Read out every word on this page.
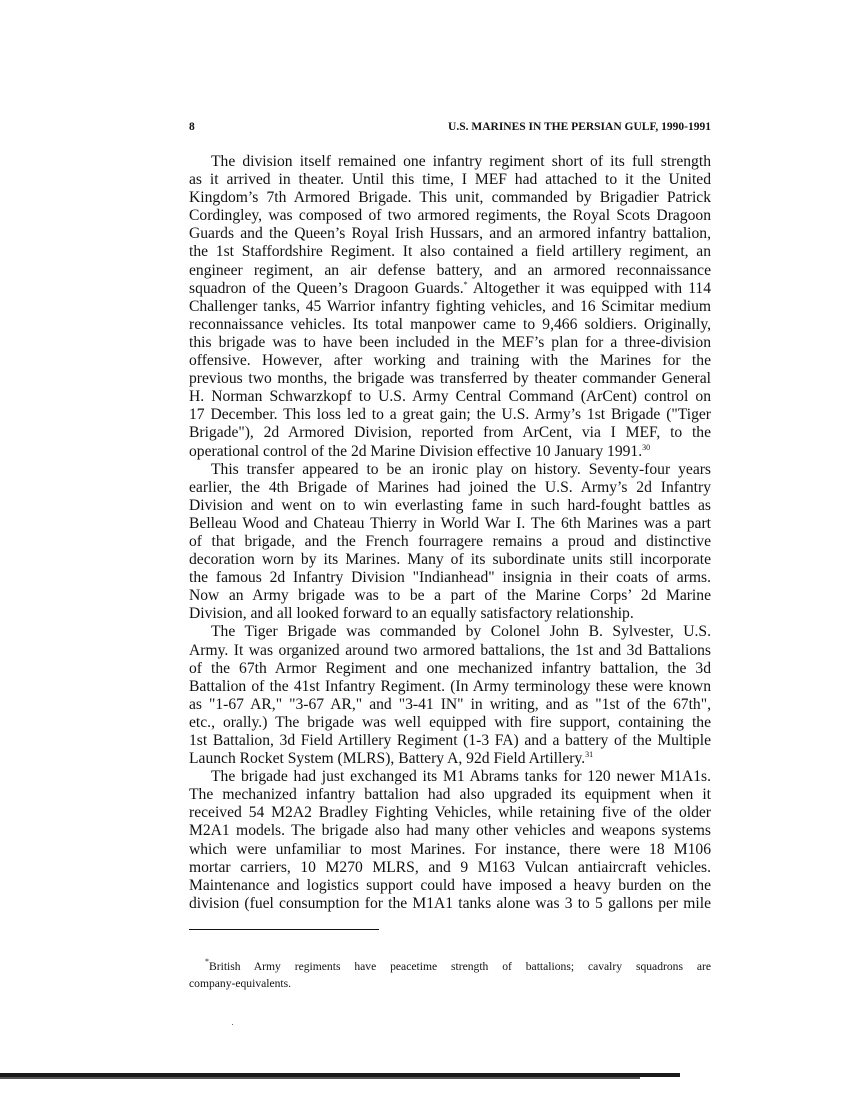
8	U.S. MARINES IN THE PERSIAN GULF, 1990-1991
The division itself remained one infantry regiment short of its full strength
as it arrived in theater. Until this time, I MEF had attached to it the United
Kingdom’s 7th Armored Brigade. This unit, commanded by Brigadier Patrick
Cordingley, was composed of two armored regiments, the Royal Scots Dragoon
Guards and the Queen’s Royal Irish Hussars, and an armored infantry battalion,
the 1st Staffordshire Regiment. It also contained a field artillery regiment, an
engineer regiment, an air defense battery, and an armored reconnaissance
squadron of the Queen’s Dragoon Guards.* Altogether it was equipped with 114
Challenger tanks, 45 Warrior infantry fighting vehicles, and 16 Scimitar medium
reconnaissance vehicles. Its total manpower came to 9,466 soldiers. Originally,
this brigade was to have been included in the MEF’s plan for a three-division
offensive. However, after working and training with the Marines for the
previous two months, the brigade was transferred by theater commander General
H. Norman Schwarzkopf to U.S. Army Central Command (ArCent) control on
17 December. This loss led to a great gain; the U.S. Army’s 1st Brigade ("Tiger
Brigade"), 2d Armored Division, reported from ArCent, via I MEF, to the
operational control of the 2d Marine Division effective 10 January 1991.30
This transfer appeared to be an ironic play on history. Seventy-four years
earlier, the 4th Brigade of Marines had joined the U.S. Army’s 2d Infantry
Division and went on to win everlasting fame in such hard-fought battles as
Belleau Wood and Chateau Thierry in World War I. The 6th Marines was a part
of that brigade, and the French fourragere remains a proud and distinctive
decoration worn by its Marines. Many of its subordinate units still incorporate
the famous 2d Infantry Division "Indianhead" insignia in their coats of arms.
Now an Army brigade was to be a part of the Marine Corps’ 2d Marine
Division, and all looked forward to an equally satisfactory relationship.
The Tiger Brigade was commanded by Colonel John B. Sylvester, U.S.
Army. It was organized around two armored battalions, the 1st and 3d Battalions
of the 67th Armor Regiment and one mechanized infantry battalion, the 3d
Battalion of the 41st Infantry Regiment. (In Army terminology these were known
as "1-67 AR," "3-67 AR," and "3-41 IN" in writing, and as "1st of the 67th",
etc., orally.) The brigade was well equipped with fire support, containing the
1st Battalion, 3d Field Artillery Regiment (1-3 FA) and a battery of the Multiple
Launch Rocket System (MLRS), Battery A, 92d Field Artillery.$^{31}$
The brigade had just exchanged its M1 Abrams tanks for 120 newer M1A1s.
The mechanized infantry battalion had also upgraded its equipment when it
received 54 M2A2 Bradley Fighting Vehicles, while retaining five of the older
M2A1 models. The brigade also had many other vehicles and weapons systems
which were unfamiliar to most Marines. For instance, there were 18 M106
mortar carriers, 10 M270 MLRS, and 9 M163 Vulcan antiaircraft vehicles.
Maintenance and logistics support could have imposed a heavy burden on the
division (fuel consumption for the M1A1 tanks alone was 3 to 5 gallons per mile
*British Army regiments have peacetime strength of battalions; cavalry squadrons are
company-equivalents.
